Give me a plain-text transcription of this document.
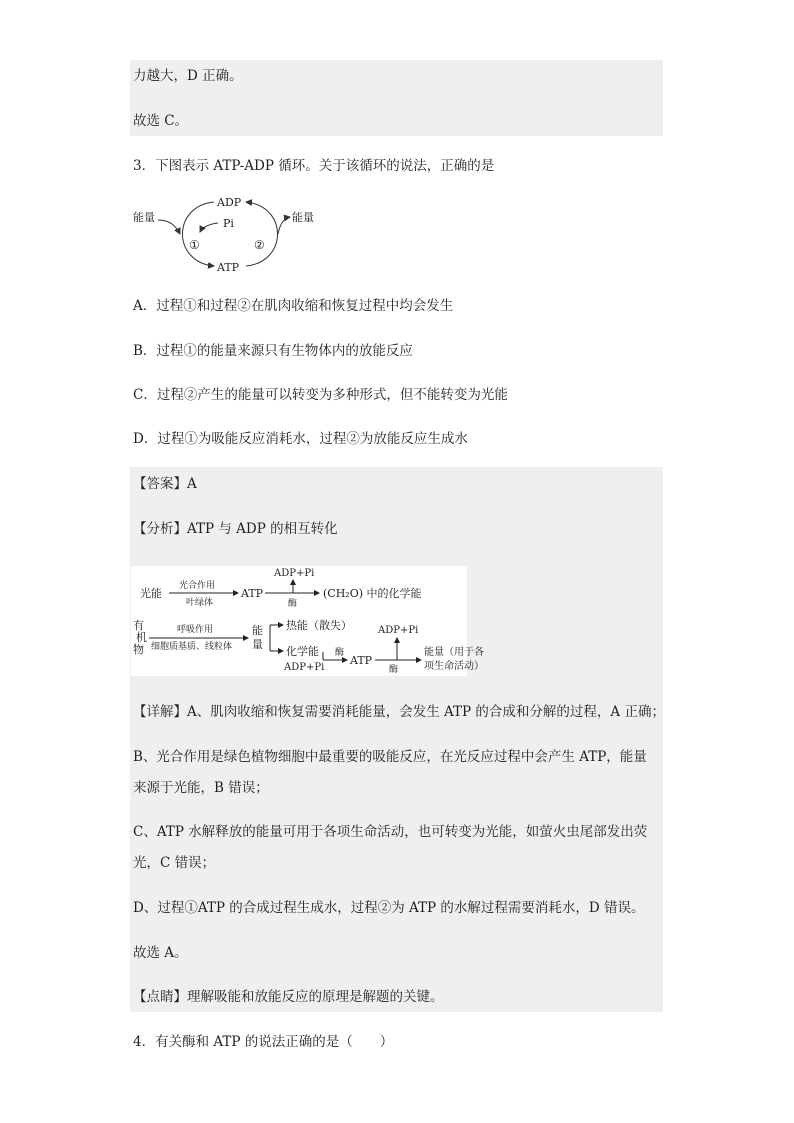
力越大，D 正确。
故选 C。
3．下图表示 ATP-ADP 循环。关于该循环的说法，正确的是
ADP
Pi
ATP
能量	能量
①	②
A．过程①和过程②在肌肉收缩和恢复过程中均会发生
B．过程①的能量来源只有生物体内的放能反应
C．过程②产生的能量可以转变为多种形式，但不能转变为光能
D．过程①为吸能反应消耗水，过程②为放能反应生成水
【答案】A
【分析】ATP 与 ADP 的相互转化
光能
光合作用
叶绿体
ATP
ADP+Pi
酶
(CH₂O) 中的化学能
有
机
物
呼吸作用
细胞质基质、线粒体
能
量
热能（散失）
化学能
ADP+Pi
酶
ATP
ADP+Pi
酶
能量（用于各
项生命活动）
【详解】A、肌肉收缩和恢复需要消耗能量，会发生 ATP 的合成和分解的过程，A 正确；
B、光合作用是绿色植物细胞中最重要的吸能反应，在光反应过程中会产生 ATP，能量
来源于光能，B 错误；
C、ATP 水解释放的能量可用于各项生命活动，也可转变为光能，如萤火虫尾部发出荧
光，C 错误；
D、过程①ATP 的合成过程生成水，过程②为 ATP 的水解过程需要消耗水，D 错误。
故选 A。
【点睛】理解吸能和放能反应的原理是解题的关键。
4．有关酶和 ATP 的说法正确的是（　　）
